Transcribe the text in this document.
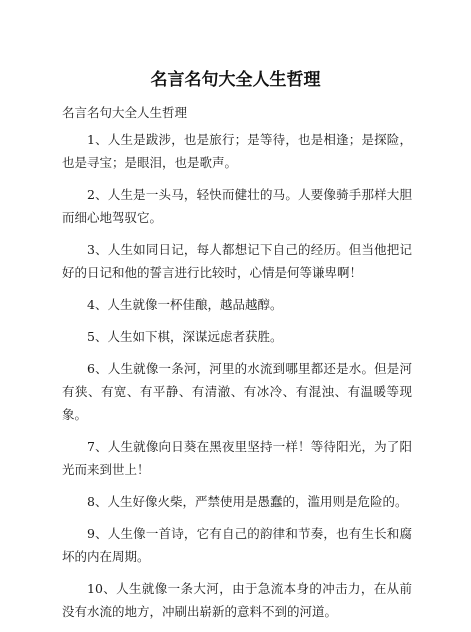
名言名句大全人生哲理
名言名句大全人生哲理

1、人生是跋涉，也是旅行；是等待，也是相逢；是探险，也是寻宝；是眼泪，也是歌声。

2、人生是一头马，轻快而健壮的马。人要像骑手那样大胆而细心地驾驭它。

3、人生如同日记，每人都想记下自己的经历。但当他把记好的日记和他的誓言进行比较时，心情是何等谦卑啊！

4、人生就像一杯佳酿，越品越醇。

5、人生如下棋，深谋远虑者获胜。

6、人生就像一条河，河里的水流到哪里都还是水。但是河有狭、有宽、有平静、有清澈、有冰冷、有混浊、有温暖等现象。

7、人生就像向日葵在黑夜里坚持一样！等待阳光，为了阳光而来到世上！

8、人生好像火柴，严禁使用是愚蠢的，滥用则是危险的。

9、人生像一首诗，它有自己的韵律和节奏，也有生长和腐坏的内在周期。

10、人生就像一条大河，由于急流本身的冲击力，在从前没有水流的地方，冲刷出崭新的意料不到的河道。
